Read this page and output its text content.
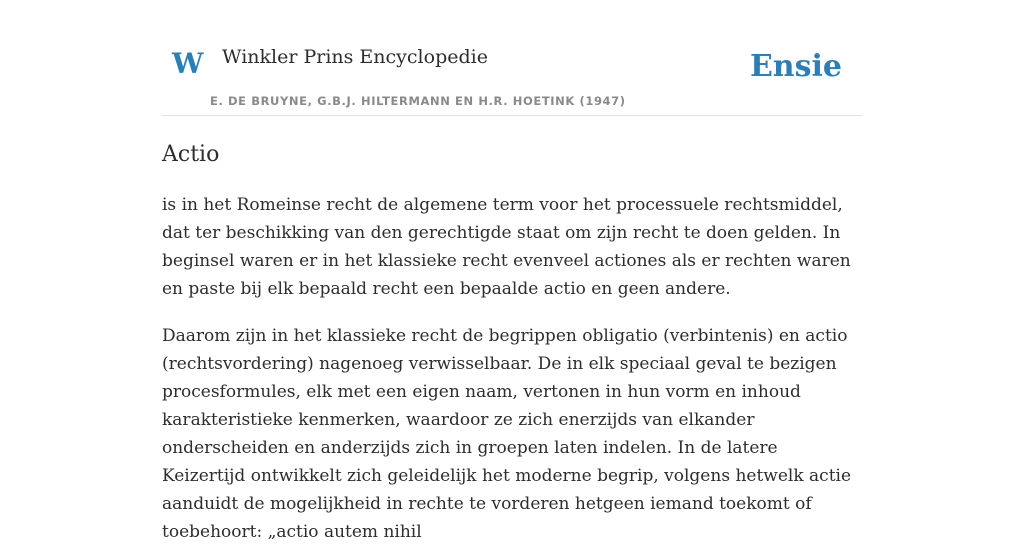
W Winkler Prins Encyclopedie
E. DE BRUYNE, G.B.J. HILTERMANN EN H.R. HOETINK (1947)
Ensie
Actio

is in het Romeinse recht de algemene term voor het processuele rechtsmiddel, dat ter beschikking van den gerechtigde staat om zijn recht te doen gelden. In beginsel waren er in het klassieke recht evenveel actiones als er rechten waren en paste bij elk bepaald recht een bepaalde actio en geen andere.

Daarom zijn in het klassieke recht de begrippen obligatio (verbintenis) en actio (rechtsvordering) nagenoeg verwisselbaar. De in elk speciaal geval te bezigen procesformules, elk met een eigen naam, vertonen in hun vorm en inhoud karakteristieke kenmerken, waardoor ze zich enerzijds van elkander onderscheiden en anderzijds zich in groepen laten indelen. In de latere Keizertijd ontwikkelt zich geleidelijk het moderne begrip, volgens hetwelk actie aanduidt de mogelijkheid in rechte te vorderen hetgeen iemand toekomt of toebehoort: „actio autem nihil
